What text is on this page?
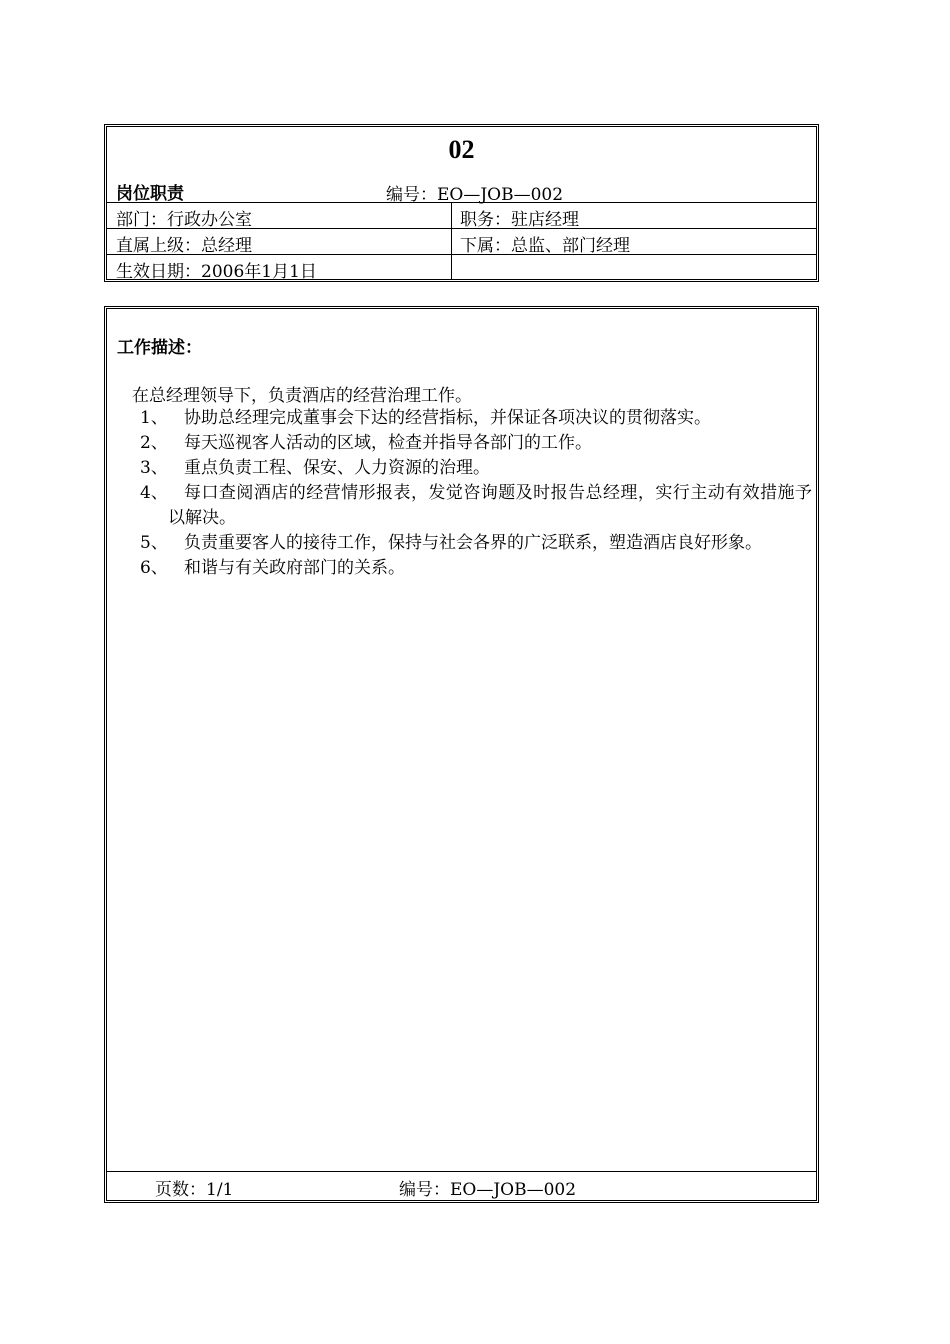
02
岗位职责	编号：EO—JOB—002
部门：行政办公室	职务：驻店经理
直属上级：总经理	下属：总监、部门经理
生效日期：2006年1月1日
工作描述：
在总经理领导下，负责酒店的经营治理工作。
1、 协助总经理完成董事会下达的经营指标，并保证各项决议的贯彻落实。
2、 每天巡视客人活动的区域，检查并指导各部门的工作。
3、 重点负责工程、保安、人力资源的治理。
4、 每口查阅酒店的经营情形报表，发觉咨询题及时报告总经理，实行主动有效措施予以解决。
5、 负责重要客人的接待工作，保持与社会各界的广泛联系，塑造酒店良好形象。
6、 和谐与有关政府部门的关系。
页数：1/1	编号：EO—JOB—002
